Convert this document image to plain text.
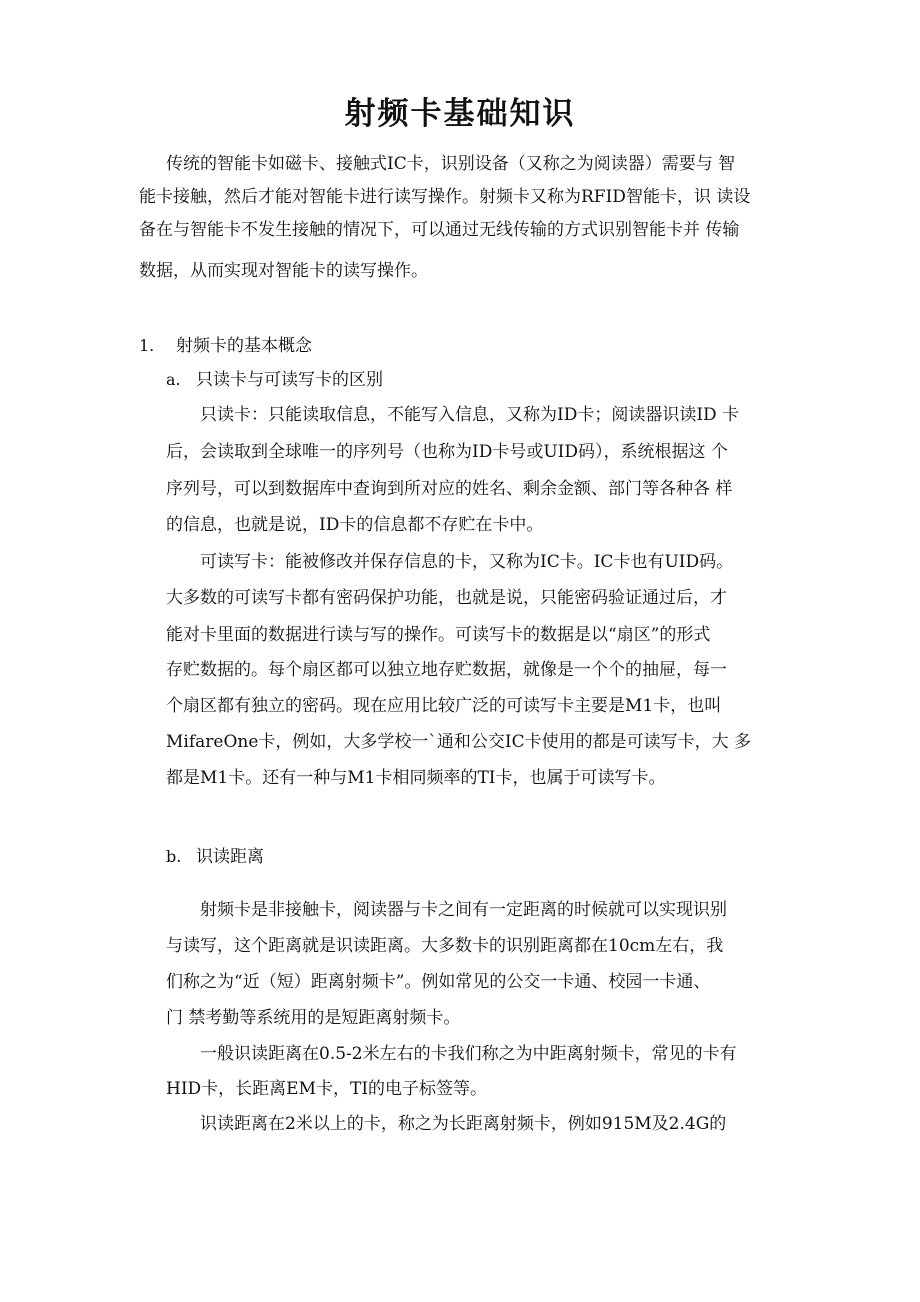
射频卡基础知识
传统的智能卡如磁卡、接触式IC卡，识别设备（又称之为阅读器）需要与 智
能卡接触，然后才能对智能卡进行读写操作。射频卡又称为RFID智能卡，识 读设
备在与智能卡不发生接触的情况下，可以通过无线传输的方式识别智能卡并 传输
数据，从而实现对智能卡的读写操作。
1. 射频卡的基本概念
a. 只读卡与可读写卡的区别
只读卡：只能读取信息，不能写入信息，又称为ID卡；阅读器识读ID 卡
后，会读取到全球唯一的序列号（也称为ID卡号或UID码），系统根据这 个
序列号，可以到数据库中查询到所对应的姓名、剩余金额、部门等各种各 样
的信息，也就是说，ID卡的信息都不存贮在卡中。
可读写卡：能被修改并保存信息的卡，又称为IC卡。IC卡也有UID码。
大多数的可读写卡都有密码保护功能，也就是说，只能密码验证通过后，才
能对卡里面的数据进行读与写的操作。可读写卡的数据是以“扇区”的形式
存贮数据的。每个扇区都可以独立地存贮数据，就像是一个个的抽屉，每一
个扇区都有独立的密码。现在应用比较广泛的可读写卡主要是M1卡，也叫
MifareOne卡，例如，大多学校一`通和公交IC卡使用的都是可读写卡，大 多
都是M1卡。还有一种与M1卡相同频率的TI卡，也属于可读写卡。
b. 识读距离
射频卡是非接触卡，阅读器与卡之间有一定距离的时候就可以实现识别
与读写，这个距离就是识读距离。大多数卡的识别距离都在10cm左右，我
们称之为“近（短）距离射频卡”。例如常见的公交一卡通、校园一卡通、
门 禁考勤等系统用的是短距离射频卡。
一般识读距离在0.5-2米左右的卡我们称之为中距离射频卡，常见的卡有
HID卡，长距离EM卡，TI的电子标签等。
识读距离在2米以上的卡，称之为长距离射频卡，例如915M及2.4G的
